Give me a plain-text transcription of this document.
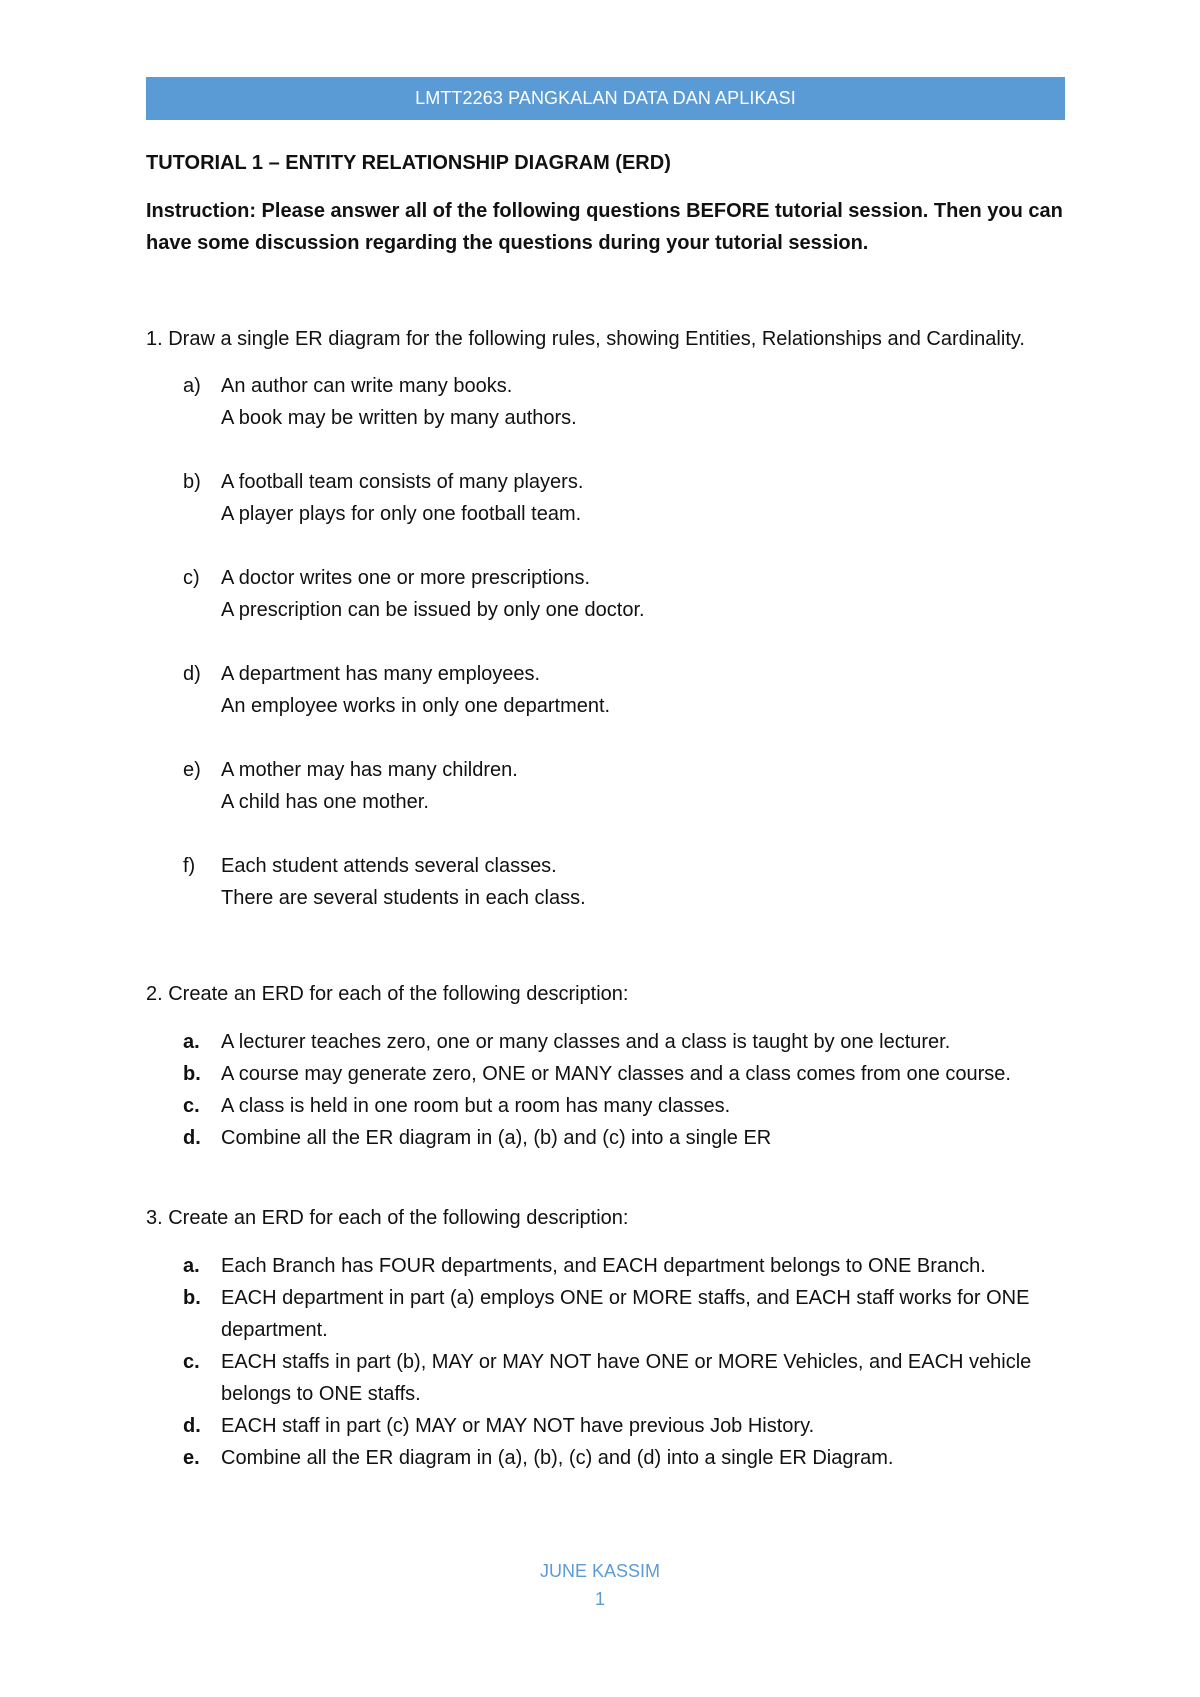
LMTT2263 PANGKALAN DATA DAN APLIKASI

TUTORIAL 1 – ENTITY RELATIONSHIP DIAGRAM (ERD)

Instruction: Please answer all of the following questions BEFORE tutorial session. Then you can have some discussion regarding the questions during your tutorial session.

1. Draw a single ER diagram for the following rules, showing Entities, Relationships and Cardinality.

a)	An author can write many books.
A book may be written by many authors.
b)	A football team consists of many players.
A player plays for only one football team.
c)	A doctor writes one or more prescriptions.
A prescription can be issued by only one doctor.
d)	A department has many employees.
An employee works in only one department.
e)	A mother may has many children.
A child has one mother.
f)	Each student attends several classes.
There are several students in each class.

2. Create an ERD for each of the following description:

a.	A lecturer teaches zero, one or many classes and a class is taught by one lecturer.
b.	A course may generate zero, ONE or MANY classes and a class comes from one course.
c.	A class is held in one room but a room has many classes.
d.	Combine all the ER diagram in (a), (b) and (c) into a single ER

3. Create an ERD for each of the following description:

a.	Each Branch has FOUR departments, and EACH department belongs to ONE Branch.
b.	EACH department in part (a) employs ONE or MORE staffs, and EACH staff works for ONE department.
c.	EACH staffs in part (b), MAY or MAY NOT have ONE or MORE Vehicles, and EACH vehicle belongs to ONE staffs.
d.	EACH staff in part (c) MAY or MAY NOT have previous Job History.
e.	Combine all the ER diagram in (a), (b), (c) and (d) into a single ER Diagram.
JUNE KASSIM
1
